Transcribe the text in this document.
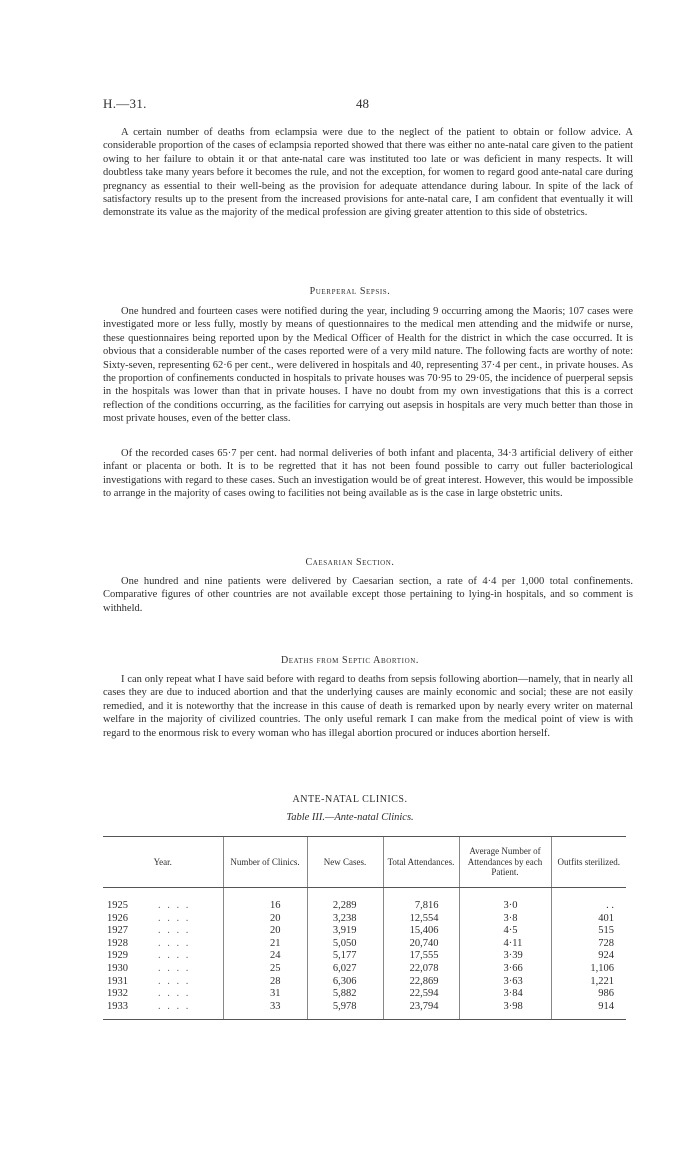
H.—31.	48

A certain number of deaths from eclampsia were due to the neglect of the patient to obtain or follow advice. A considerable proportion of the cases of eclampsia reported showed that there was either no ante-natal care given to the patient owing to her failure to obtain it or that ante-natal care was instituted too late or was deficient in many respects. It will doubtless take many years before it becomes the rule, and not the exception, for women to regard good ante-natal care during pregnancy as essential to their well-being as the provision for adequate attendance during labour. In spite of the lack of satisfactory results up to the present from the increased provisions for ante-natal care, I am confident that eventually it will demonstrate its value as the majority of the medical profession are giving greater attention to this side of obstetrics.

Puerperal Sepsis.

One hundred and fourteen cases were notified during the year, including 9 occurring among the Maoris; 107 cases were investigated more or less fully, mostly by means of questionnaires to the medical men attending and the midwife or nurse, these questionnaires being reported upon by the Medical Officer of Health for the district in which the case occurred. It is obvious that a considerable number of the cases reported were of a very mild nature. The following facts are worthy of note: Sixty-seven, representing 62·6 per cent., were delivered in hospitals and 40, representing 37·4 per cent., in private houses. As the proportion of confinements conducted in hospitals to private houses was 70·95 to 29·05, the incidence of puerperal sepsis in the hospitals was lower than that in private houses. I have no doubt from my own investigations that this is a correct reflection of the conditions occurring, as the facilities for carrying out asepsis in hospitals are very much better than those in most private houses, even of the better class.

Of the recorded cases 65·7 per cent. had normal deliveries of both infant and placenta, 34·3 artificial delivery of either infant or placenta or both. It is to be regretted that it has not been found possible to carry out fuller bacteriological investigations with regard to these cases. Such an investigation would be of great interest. However, this would be impossible to arrange in the majority of cases owing to facilities not being available as is the case in large obstetric units.

Caesarian Section.

One hundred and nine patients were delivered by Caesarian section, a rate of 4·4 per 1,000 total confinements. Comparative figures of other countries are not available except those pertaining to lying-in hospitals, and so comment is withheld.

Deaths from Septic Abortion.

I can only repeat what I have said before with regard to deaths from sepsis following abortion—namely, that in nearly all cases they are due to induced abortion and that the underlying causes are mainly economic and social; these are not easily remedied, and it is noteworthy that the increase in this cause of death is remarked upon by nearly every writer on maternal welfare in the majority of civilized countries. The only useful remark I can make from the medical point of view is with regard to the enormous risk to every woman who has illegal abortion procured or induces abortion herself.

ANTE-NATAL CLINICS.
Table III.—Ante-natal Clinics.
Year.	Number of Clinics.	New Cases.	Total Attendances.	Average Number of Attendances by each Patient.	Outfits sterilized.
1925 . . . .	16	2,289	7,816	3·0	. .
1926 . . . .	20	3,238	12,554	3·8	401
1927 . . . .	20	3,919	15,406	4·5	515
1928 . . . .	21	5,050	20,740	4·11	728
1929 . . . .	24	5,177	17,555	3·39	924
1930 . . . .	25	6,027	22,078	3·66	1,106
1931 . . . .	28	6,306	22,869	3·63	1,221
1932 . . . .	31	5,882	22,594	3·84	986
1933 . . . .	33	5,978	23,794	3·98	914
